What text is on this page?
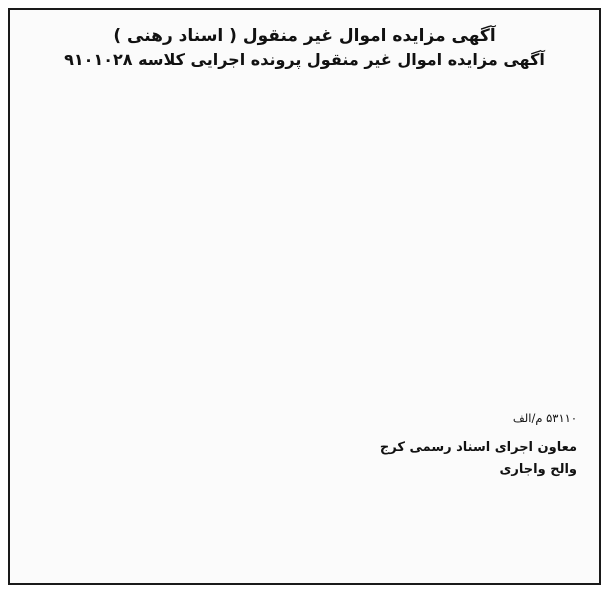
آگهی مزایده اموال غیر منقول ( اسناد رهنی )

آگهی مزایده اموال غیر منقول پرونده اجرایی کلاسه ۹۱۰۱۰۲۸

۵۳۱۱۰ م/الف

معاون اجرای اسناد رسمی کرج

والح واجاری
